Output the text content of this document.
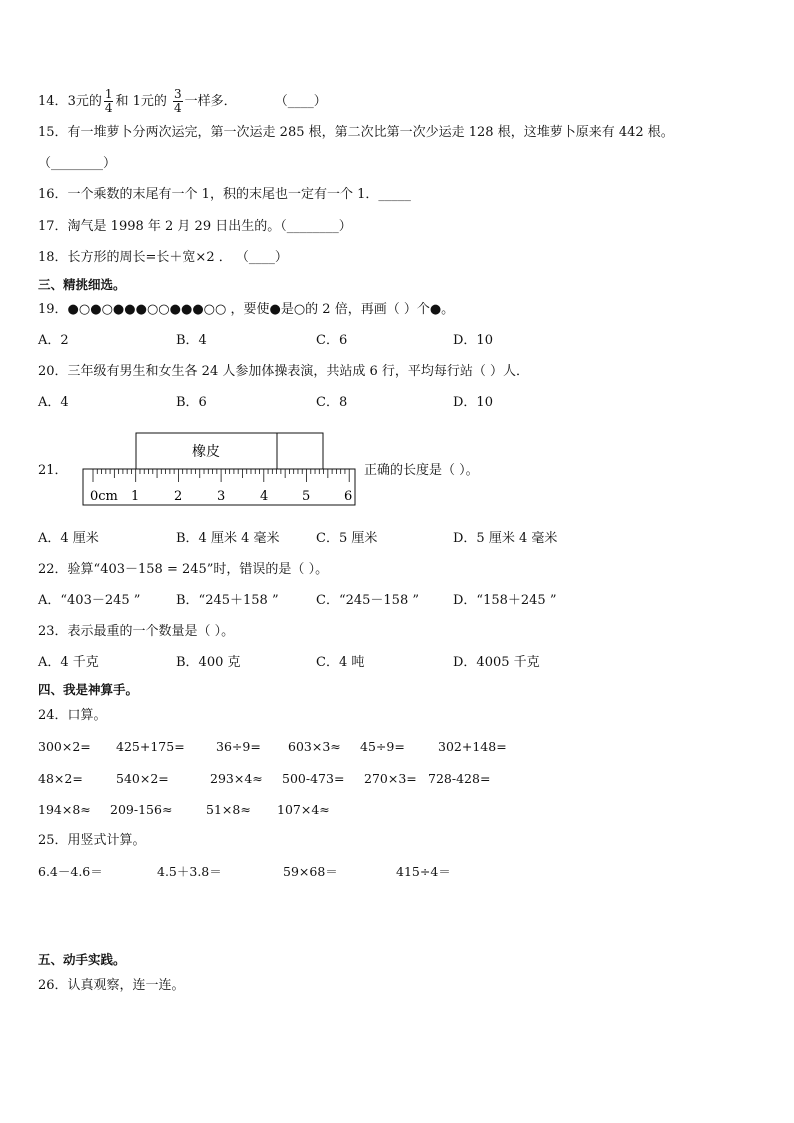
14．3元的 $\frac{1}{4}$ 和 1元的 $\frac{3}{4}$ 一样多．	（____）
15．有一堆萝卜分两次运完，第一次运走 285 根，第二次比第一次少运走 128 根，这堆萝卜原来有 442 根。
（________）
16．一个乘数的末尾有一个 1，积的末尾也一定有一个 1．_____
17．淘气是 1998 年 2 月 29 日出生的。（________）
18．长方形的周长=长＋宽×2 ． （____）
三、精挑细选。
19．●○●○●●●○○●●●○○ ，要使●是○的 2 倍，再画（ ）个●。
A．2	B．4	C．6	D．10
20．三年级有男生和女生各 24 人参加体操表演，共站成 6 行，平均每行站（ ）人．
A．4	B．6	C．8	D．10
21．
橡皮
0cm 1	2	3	4	5	6
正确的长度是（ ）。
A．4 厘米	B．4 厘米 4 毫米	C．5 厘米	D．5 厘米 4 毫米
22．验算“403－158 = 245”时，错误的是（ ）。
A．“403－245 ”	B．“245＋158 ”	C．“245－158 ”	D．“158＋245 ”
23．表示最重的一个数量是（ ）。
A．4 千克	B．400 克	C．4 吨	D．4005 千克
四、我是神算手。
24．口算。
300×2= 425+175=	36÷9= 603×3≈ 45÷9=	302+148=
48×2=	540×2=	293×4≈ 500-473= 270×3= 728-428=
194×8≈ 209-156≈	51×8≈ 107×4≈
25．用竖式计算。
6.4－4.6＝	4.5＋3.8＝	59×68＝	415÷4＝
五、动手实践。
26．认真观察，连一连。
